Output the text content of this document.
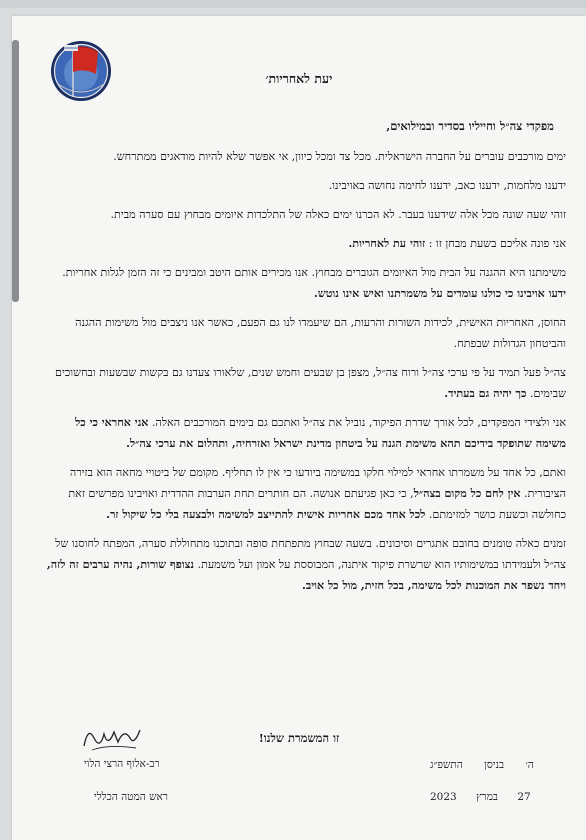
יעת לאחריות׳
מפקדי צה״ל וחייליו בסדיר ובמילואים,
ימים מורכבים עוברים על החברה הישראלית. מכל צד ומכל כיוון, אי אפשר שלא להיות מודאגים ממתרחש.
ידענו מלחמות, ידענו כאב, ידענו לחימה נחושה באויבינו.
זוהי שעה שונה מכל אלה שידענו בעבר. לא הכרנו ימים כאלה של התלכדות איומים מבחוץ עם סערה מבית.
אני פונה אליכם בשעת מבחן זו : זוהי עת לאחריות.
משימתנו היא ההגנה על הבית מול האיומים הגוברים מבחוץ. אנו מכירים אותם היטב ומבינים כי זה הזמן לגלות אחריות. ידעו אויבינו כי כולנו עומדים על משמרתנו ואיש אינו נוטש.
החוסן, האחריות האישית, לכידות השורות והרעות, הם שיעמדו לנו גם הפעם, כאשר אנו ניצבים מול משימות ההגנה והביטחון הגדולות שבפתח.
צה״ל פעל תמיד על פי ערכי צה״ל ורוח צה״ל, מצפן בן שבעים וחמש שנים, שלאורו צעדנו גם בקשות שבשעות ובחשוכים שבימים. כך יהיה גם בעתיד.
אני ולצידי המפקדים, לכל אורך שדרת הפיקוד, נוביל את צה״ל ואתכם גם בימים המורכבים האלה. אני אחראי כי כל משימה שתופקד בידיכם תהא משימת הגנה על ביטחון מדינת ישראל ואזרחיה, ותהלום את ערכי צה״ל.
ואתם, כל אחד על משמרתו אחראי למילוי חלקו במשימה ביודעו כי אין לו תחליף. מקומם של ביטויי מחאה הוא בזירה הציבורית. אין לחם כל מקום בצה״ל, כי כאן פגיעתם אנושה. הם חותרים תחת הערבות ההדדית ואויבינו מפרשים זאת כחולשה וכשעת כושר למזימתם. לכל אחד מכם אחריות אישית להתייצב למשימה ולבצעה בלי כל שיקול זר.
זמנים כאלה טומנים בחובם אתגרים וסיכונים. בשעה שבחוץ מתפתחת סופה ובתוכנו מתחוללת סערה, המפתח לחוסנו של צה״ל ולעמידתו במשימותיו הוא שרשרת פיקוד איתנה, המבוססת על אמון ועל משמעת. נצופף שורות, נהיה ערבים זה לזה, ויחד נשפר את המוכנות לכל משימה, בכל חזית, מול כל אויב.
זו המשמרת שלנו!
רב-אלוף הרצי הלוי
ראש המטה הכללי
ה׳ בניסן התשפ״ג
27 במרץ 2023
